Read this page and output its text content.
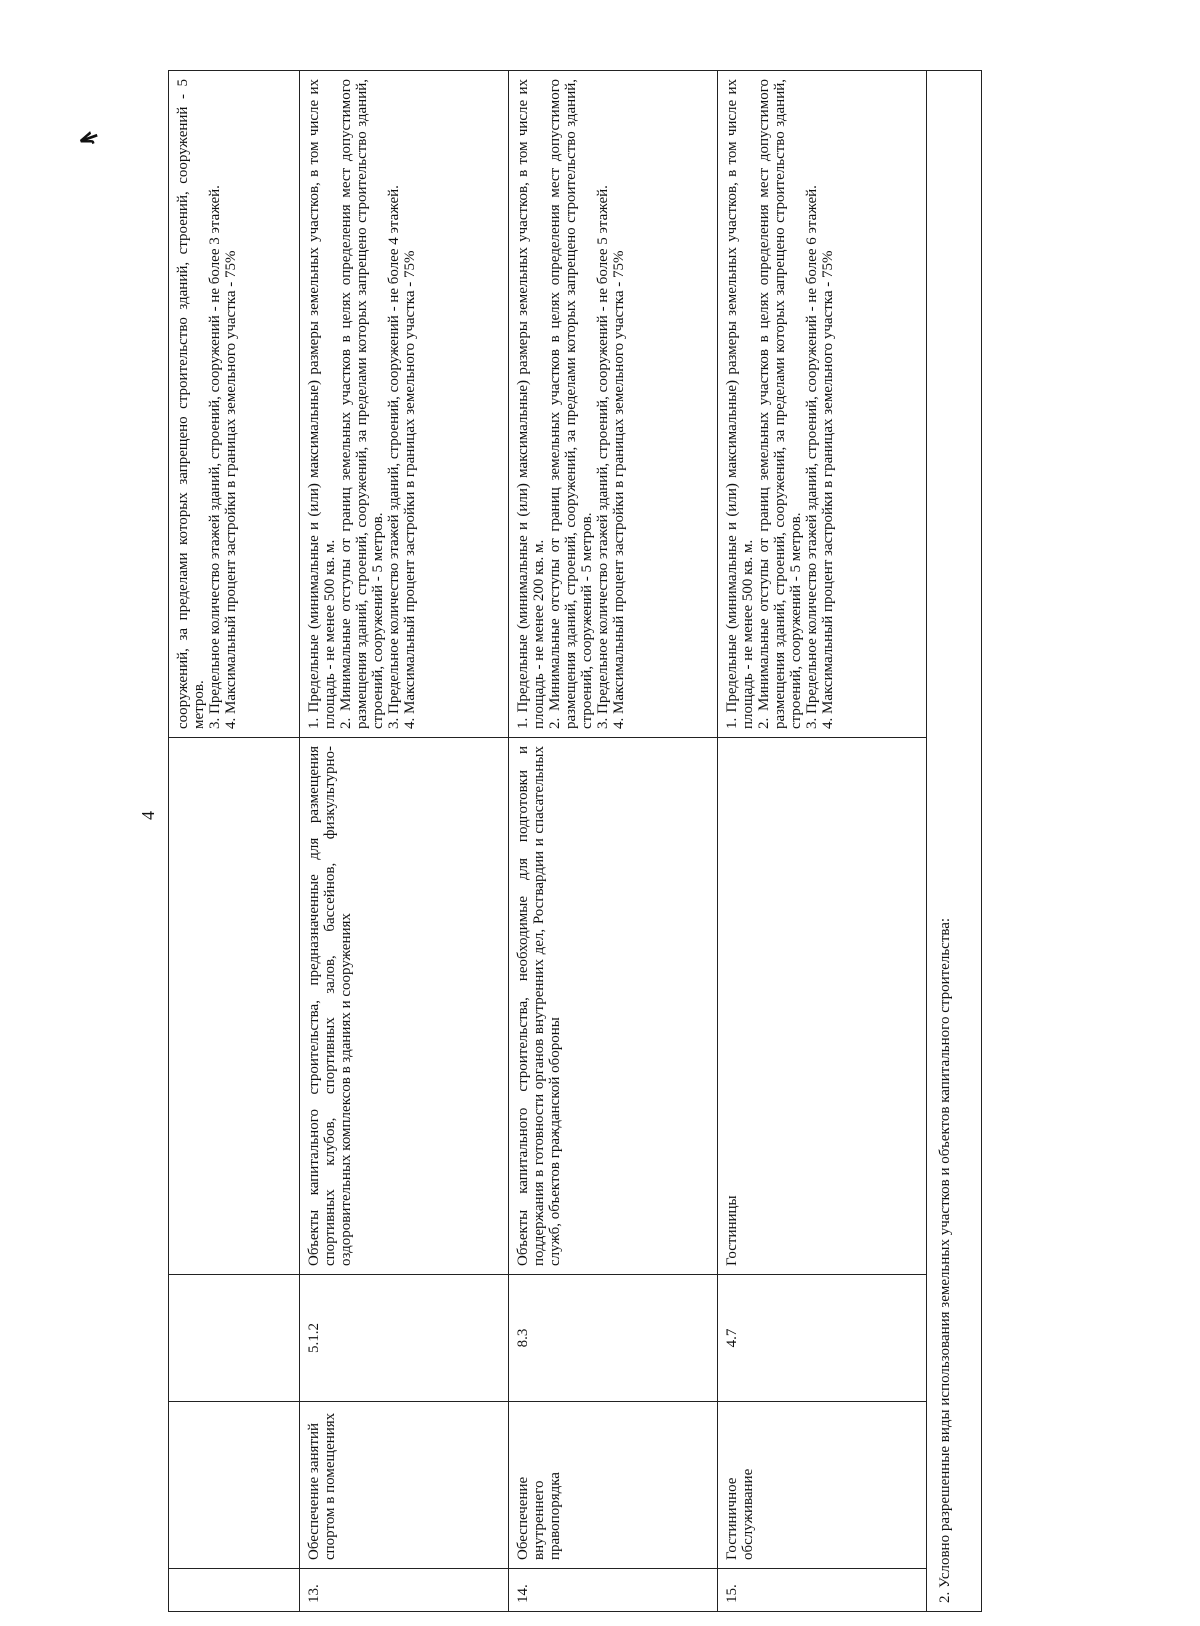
ꙟ
4

				сооружений, за пределами которых запрещено строительство зданий, строений, сооружений - 5 метров. 3. Предельное количество этажей зданий, строений, сооружений - не более 3 этажей. 4. Максимальный процент застройки в границах земельного участка - 75%

13.	Обеспечение занятий спортом в помещениях	5.1.2	Объекты капитального строительства, предназначенные для размещения спортивных клубов, спортивных залов, бассейнов, физкультурно-оздоровительных комплексов в зданиях и сооружениях	1. Предельные (минимальные и (или) максимальные) размеры земельных участков, в том числе их площадь - не менее 500 кв. м. 2. Минимальные отступы от границ земельных участков в целях определения мест допустимого размещения зданий, строений, сооружений, за пределами которых запрещено строительство зданий, строений, сооружений - 5 метров. 3. Предельное количество этажей зданий, строений, сооружений - не более 4 этажей. 4. Максимальный процент застройки в границах земельного участка - 75%

14.	Обеспечение внутреннего правопорядка	8.3	Объекты капитального строительства, необходимые для подготовки и поддержания в готовности органов внутренних дел, Росгвардии и спасательных служб, объектов гражданской обороны	1. Предельные (минимальные и (или) максимальные) размеры земельных участков, в том числе их площадь - не менее 200 кв. м. 2. Минимальные отступы от границ земельных участков в целях определения мест допустимого размещения зданий, строений, сооружений, за пределами которых запрещено строительство зданий, строений, сооружений - 5 метров. 3. Предельное количество этажей зданий, строений, сооружений - не более 5 этажей. 4. Максимальный процент застройки в границах земельного участка - 75%

15.	Гостиничное обслуживание	4.7	Гостиницы	1. Предельные (минимальные и (или) максимальные) размеры земельных участков, в том числе их площадь - не менее 500 кв. м. 2. Минимальные отступы от границ земельных участков в целях определения мест допустимого размещения зданий, строений, сооружений, за пределами которых запрещено строительство зданий, строений, сооружений - 5 метров. 3. Предельное количество этажей зданий, строений, сооружений - не более 6 этажей. 4. Максимальный процент застройки в границах земельного участка - 75%

2. Условно разрешенные виды использования земельных участков и объектов капитального строительства:				
